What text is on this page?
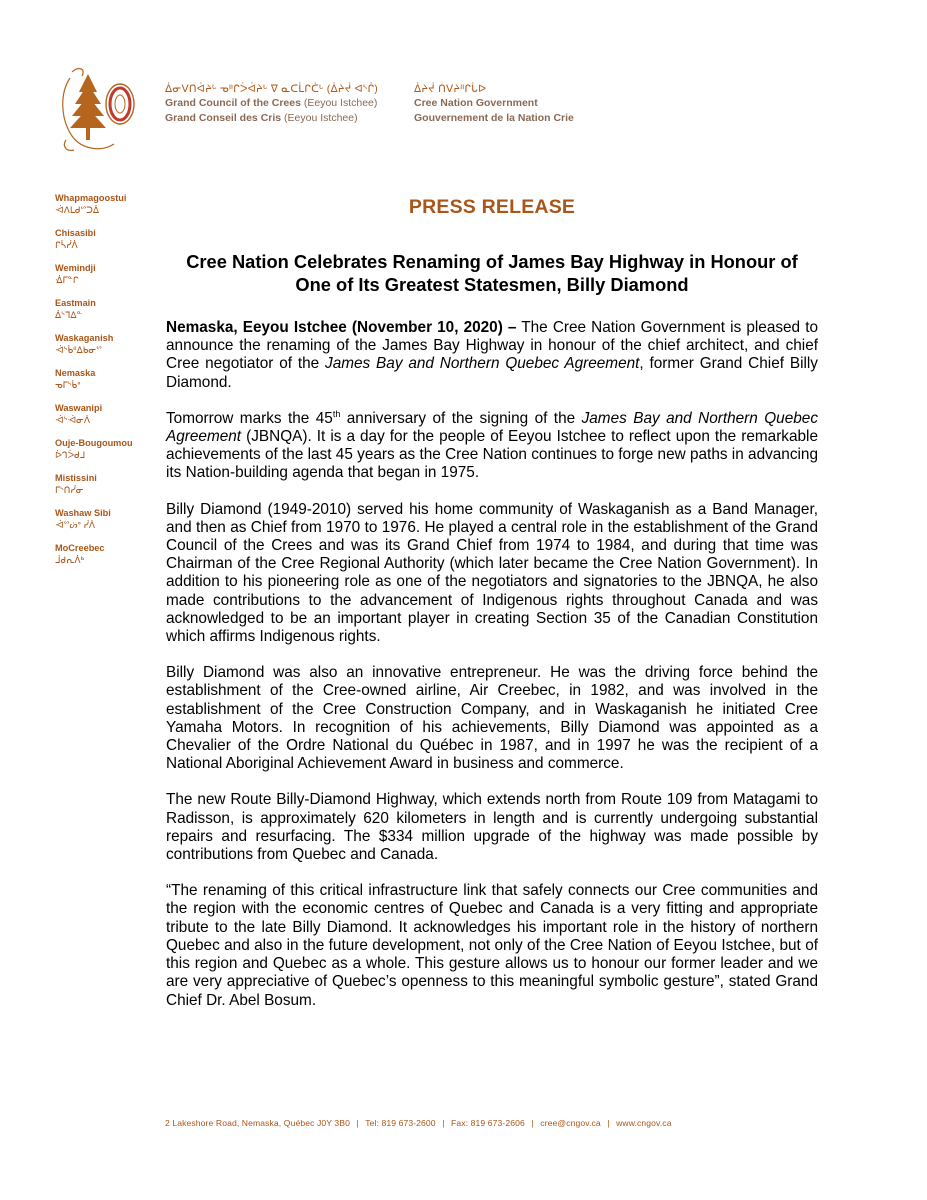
ᐄᓂᐯᑎᐋᔨᒡ ᓀᐦᒋᐴᐋᔨᒡ ᐁ ᓇᑕᒫᒋᑖᒡ (ᐄᔨᔫ ᐊᔅᒌ)
Grand Council of the Crees (Eeyou Istchee)
Grand Conseil des Cris (Eeyou Istchee)
ᐄᔨᔫ ᑎᐯᔨᐦᒋᒑᐅ
Cree Nation Government
Gouvernement de la Nation Crie
Whapmagoostui
ᐙᐱᒪᑯᔥᑐᐄ
Chisasibi
ᒋᓵᓰᐲ
Wemindji
ᐐᒥᓐᒋ
Eastmain
ᐄᔅᒣᐃᓐ
Waskaganish
ᐙᔅᑳᐦᐃᑲᓂᔥ
Nemaska
ᓀᒥᔅᑳᐤ
Waswanipi
ᐙᔅᐙᓂᐲ
Ouje-Bougoumou
ᐆᒉᐴᑯᒧ
Mistissini
ᒥᔅᑎᓰᓂ
Washaw Sibi
ᐙᔥᔖᐤ ᓰᐲ
MoCreebec
ᒨᑯᕆᐲᒃ
PRESS RELEASE
Cree Nation Celebrates Renaming of James Bay Highway in Honour of One of Its Greatest Statesmen, Billy Diamond

Nemaska, Eeyou Istchee (November 10, 2020) – The Cree Nation Government is pleased to announce the renaming of the James Bay Highway in honour of the chief architect, and chief Cree negotiator of the James Bay and Northern Quebec Agreement, former Grand Chief Billy Diamond.

Tomorrow marks the 45th anniversary of the signing of the James Bay and Northern Quebec Agreement (JBNQA). It is a day for the people of Eeyou Istchee to reflect upon the remarkable achievements of the last 45 years as the Cree Nation continues to forge new paths in advancing its Nation-building agenda that began in 1975.

Billy Diamond (1949-2010) served his home community of Waskaganish as a Band Manager, and then as Chief from 1970 to 1976. He played a central role in the establishment of the Grand Council of the Crees and was its Grand Chief from 1974 to 1984, and during that time was Chairman of the Cree Regional Authority (which later became the Cree Nation Government). In addition to his pioneering role as one of the negotiators and signatories to the JBNQA, he also made contributions to the advancement of Indigenous rights throughout Canada and was acknowledged to be an important player in creating Section 35 of the Canadian Constitution which affirms Indigenous rights.

Billy Diamond was also an innovative entrepreneur. He was the driving force behind the establishment of the Cree-owned airline, Air Creebec, in 1982, and was involved in the establishment of the Cree Construction Company, and in Waskaganish he initiated Cree Yamaha Motors. In recognition of his achievements, Billy Diamond was appointed as a Chevalier of the Ordre National du Québec in 1987, and in 1997 he was the recipient of a National Aboriginal Achievement Award in business and commerce.

The new Route Billy-Diamond Highway, which extends north from Route 109 from Matagami to Radisson, is approximately 620 kilometers in length and is currently undergoing substantial repairs and resurfacing. The $334 million upgrade of the highway was made possible by contributions from Quebec and Canada.

“The renaming of this critical infrastructure link that safely connects our Cree communities and the region with the economic centres of Quebec and Canada is a very fitting and appropriate tribute to the late Billy Diamond. It acknowledges his important role in the history of northern Quebec and also in the future development, not only of the Cree Nation of Eeyou Istchee, but of this region and Quebec as a whole. This gesture allows us to honour our former leader and we are very appreciative of Quebec’s openness to this meaningful symbolic gesture”, stated Grand Chief Dr. Abel Bosum.

2 Lakeshore Road, Nemaska, Québec J0Y 3B0 | Tel: 819 673-2600 | Fax: 819 673-2606 | cree@cngov.ca | www.cngov.ca
